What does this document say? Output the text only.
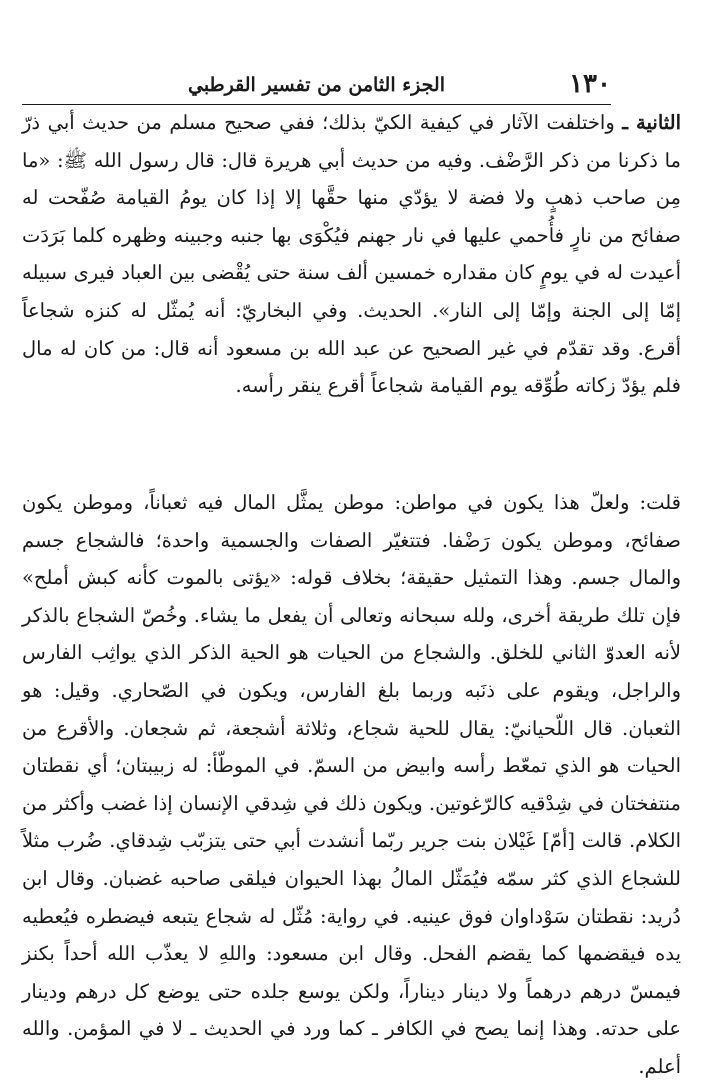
١٣٠
الجزء الثامن من تفسير القرطبي

الثانية ـ واختلفت الآثار في كيفية الكيّ بذلك؛ ففي صحيح مسلم من حديث أبي ذرّ ما ذكرنا من ذكر الرَّضْف. وفيه من حديث أبي هريرة قال: قال رسول الله ﷺ: «ما مِن صاحب ذهبٍ ولا فضة لا يؤدّي منها حقَّها إلا إذا كان يومُ القيامة صُفّحت له صفائح من نارٍ فأُحمي عليها في نار جهنم فيُكْوَى بها جنبه وجبينه وظهره كلما بَرَدَت أعيدت له في يومٍ كان مقداره خمسين ألف سنة حتى يُقْضى بين العباد فيرى سبيله إمّا إلى الجنة وإمّا إلى النار». الحديث. وفي البخاريّ: أنه يُمثّل له كنزه شجاعاً أقرع. وقد تقدّم في غير الصحيح عن عبد الله بن مسعود أنه قال: من كان له مال فلم يؤدّ زكاته طُوِّقه يوم القيامة شجاعاً أقرع ينقر رأسه.

قلت: ولعلّ هذا يكون في مواطن: موطن يمثَّل المال فيه ثعباناً، وموطن يكون صفائح، وموطن يكون رَضْفا. فتتغيّر الصفات والجسمية واحدة؛ فالشجاع جسم والمال جسم. وهذا التمثيل حقيقة؛ بخلاف قوله: «يؤتى بالموت كأنه كبش أملح» فإن تلك طريقة أخرى، ولله سبحانه وتعالى أن يفعل ما يشاء. وخُصّ الشجاع بالذكر لأنه العدوّ الثاني للخلق. والشجاع من الحيات هو الحية الذكر الذي يواثِب الفارس والراجل، ويقوم على ذنَبه وربما بلغ الفارس، ويكون في الصّحاري. وقيل: هو الثعبان. قال اللّحيانيّ: يقال للحية شجاع، وثلاثة أشجعة، ثم شجعان. والأقرع من الحيات هو الذي تمعّط رأسه وابيض من السمّ. في الموطّأ: له زبيبتان؛ أي نقطتان منتفختان في شِدْقيه كالرّغوتين. ويكون ذلك في شِدقي الإنسان إذا غضب وأكثر من الكلام. قالت [أمّ] غَيْلان بنت جرير ربّما أنشدت أبي حتى يتزبّب شِدقاي. ضُرب مثلاً للشجاع الذي كثر سمّه فيُمَثّل المالُ بهذا الحيوان فيلقى صاحبه غضبان. وقال ابن دُريد: نقطتان سَوْداوان فوق عينيه. في رواية: مُثّل له شجاع يتبعه فيضطره فيُعطيه يده فيقضمها كما يقضم الفحل. وقال ابن مسعود: واللهِ لا يعذّب الله أحداً بكنز فيمسّ درهم درهماً ولا دينار ديناراً، ولكن يوسع جلده حتى يوضع كل درهم ودينار على حدته. وهذا إنما يصح في الكافر ـ كما ورد في الحديث ـ لا في المؤمن. والله أعلم.
